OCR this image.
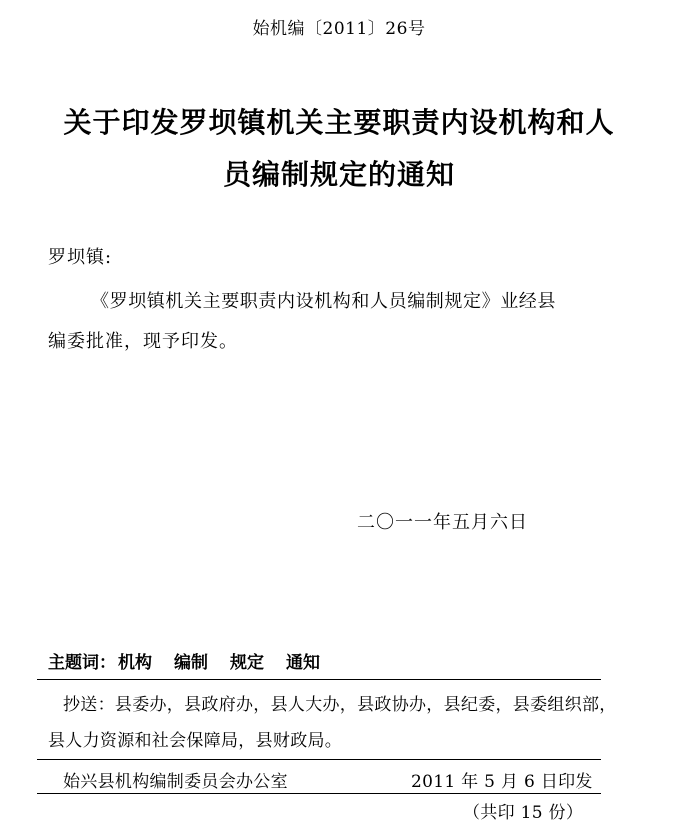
始机编〔2011〕26号
关于印发罗坝镇机关主要职责内设机构和人
员编制规定的通知
罗坝镇:
《罗坝镇机关主要职责内设机构和人员编制规定》业经县
编委批准，现予印发。
二〇一一年五月六日
主题词： 机构 编制 规定 通知
抄送：县委办，县政府办，县人大办，县政协办，县纪委，县委组织部，
县人力资源和社会保障局，县财政局。
始兴县机构编制委员会办公室	2011 年 5 月 6 日印发
（共印 15 份）
